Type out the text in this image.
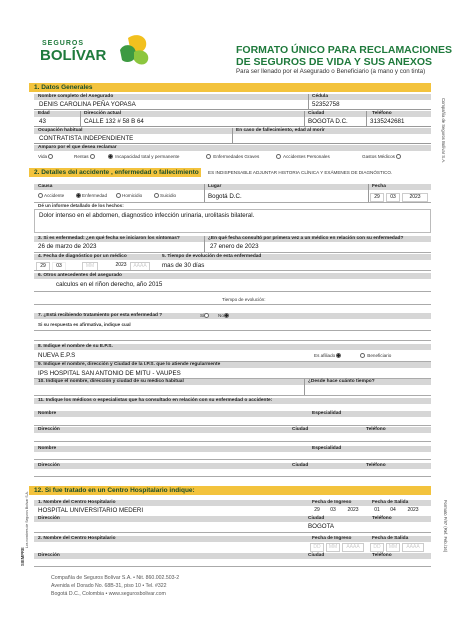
SEGUROS
BOLÍVAR	FORMATO ÚNICO PARA RECLAMACIONES
DE SEGUROS DE VIDA Y SUS ANEXOS
Para ser llenado por el Asegurado o Beneficiario (a mano y con tinta)
Compañía de Seguros Bolívar S.A.
1. Datos Generales
Nombre completo del Asegurado	Cédula
DENIS CAROLINA PEÑA YOPASA	52352758
Edad	Dirección actual	Ciudad	Teléfono
43	CALLE 132 # 58 B 64	BOGOTA D.C.	3135242681
Ocupación habitual	En caso de fallecimiento, edad al morir
CONTRATISTA INDEPENDIENTE
Amparo por el que desea reclamar
Vida	Rentas	Incapacidad total y permanente	Enfermedades Graves	Accidentes Personales	Gastos Médicos
2. Detalles del accidente , enfermedad o fallecimiento	ES INDISPENSABLE ADJUNTAR HISTORIA CLÍNICA Y EXÁMENES DE DIAGNÓSTICO.
Causa	Lugar	Fecha
Accidente	Enfermedad	Homicidio	Suicidio	Bogotá D.C.	29	03	2023
Dé un informe detallado de los hechos:
Dolor intenso en el abdomen, diagnostico infección urinaria, urolitasis bilateral.
3. Si es enfermedad: ¿en qué fecha se iniciaron los síntomas?	¿En qué fecha consultó por primera vez a un médico en relación con su enfermedad?
26 de marzo de 2023	27 enero de 2023
4. Fecha de diagnóstico por un médico	5. Tiempo de evolución de esta enfermedad
29	03	MM	2023	AAAA	mas de 30 días
6. Otros antecedentes del asegurado
calculos en el riñon derecho, año 2015
Tiempo de evolución:
7. ¿Está recibiendo tratamiento por esta enfermedad ?	Sí	No
Si su respuesta es afirmativa, indique cual
8. Indique el nombre de su E.P.S.
NUEVA E.P.S	Es afiliado	Beneficiario
9. Indique el nombre, dirección y Ciudad de la I.P.S. que lo atiende regularmente
IPS HOSPITAL SAN ANTONIO DE MITU - VAUPES
10. Indique el nombre, dirección y ciudad de su médico habitual	¿Desde hace cuánto tiempo?
11. Indique los médicos o especialistas que ha consultado en relación con su enfermedad o accidente:
Nombre	Especialidad
Dirección	Ciudad	Teléfono
Nombre	Especialidad
Dirección	Ciudad	Teléfono
12. Si fue tratado en un Centro Hospitalario indique:
1. Nombre del Centro Hospitalario	Fecha de Ingreso	Fecha de Salida
HOSPITAL UNIVERSITARIO MEDERI	29	03	2023	01	04	2023
Dirección	Ciudad	Teléfono
BOGOTA
2. Nombre del Centro Hospitalario	Fecha de Ingreso	Fecha de Salida
DD	MM	AAAA	DD	MM	AAAA
Dirección	Ciudad	Teléfono
SIEMPRE
Los nombres de Seguros Bolívar S.A.	Formato F/97 (Ref. Feb./16)
Compañía de Seguros Bolívar S.A. • Nit. 860.002.503-2
Avenida el Dorado No. 68B-31, piso 10 • Tel. #322
Bogotá D.C., Colombia • www.segurosbolivar.com
